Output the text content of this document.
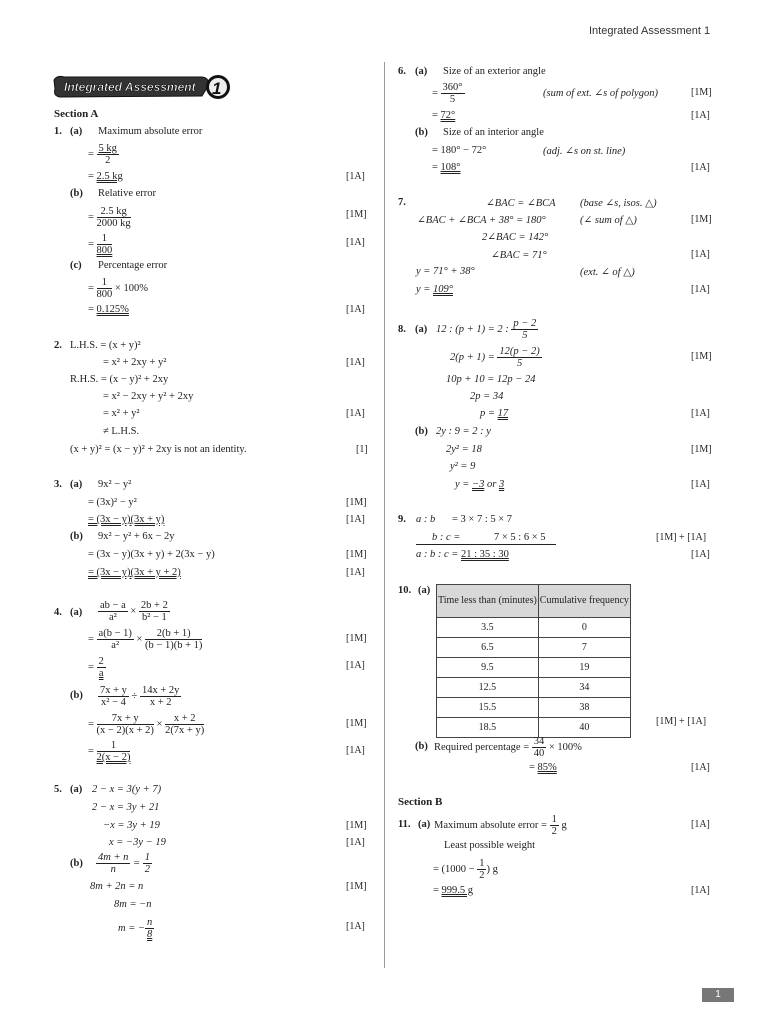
Integrated Assessment 1
1
Integrated Assessment 1
Section A
1. (a) Maximum absolute error
= $\frac{5 kg}{2}$
= 2.5 kg	[1A]
(b) Relative error
= $\frac{2.5 kg}{2000 kg}$	[1M]
= $\frac{1}{800}$	[1A]
(c) Percentage error
= $\frac{1}{800} \times 100\%$
= 0.125%	[1A]
2. L.H.S. = (x + y)²
= x² + 2xy + y²	[1A]
R.H.S. = (x − y)² + 2xy
= x² − 2xy + y² + 2xy
= x² + y²	[1A]
≠ L.H.S.
(x + y)² = (x − y)² + 2xy is not an identity.	[1]
3. (a) 9x² − y²
= (3x)² − y²	[1M]
= (3x − y)(3x + y)	[1A]
(b) 9x² − y² + 6x − 2y
= (3x − y)(3x + y) + 2(3x − y)	[1M]
= (3x − y)(3x + y + 2)	[1A]
4. $(a) \frac{ab - a}{\text{a²}} \times \frac{2b + 2}{\text{b² − 1}}$
= $\frac{a(b - 1)}{\text{a²}} \times \frac{2(b + 1)}{(b - 1)(b + 1)}$	[1M]
= $\frac{2}{a}$	[1A]
$(b) \frac{7x + y}{\text{x² − 4}} \div \frac{14x + 2y}{x + 2}$
= $\frac{7x + y}{(x - 2)(x + 2)} \times \frac{x + 2}{2(7x + y)}$	[1M]
= $\frac{1}{2(x - 2)}$	[1A]
5. (a) 2 − x = 3(y + 7)
2 − x = 3y + 21
−x = 3y + 19	[1M]
x = −3y − 19	[1A]
$(b) \frac{4m + n}{n} = \frac{1}{2}$
8m + 2n = n	[1M]
8m = −n
m = − $\frac{n}{8}$	[1A]
6. (a) Size of an exterior angle
= $\frac{360^\circ}{5}$	(sum of ext. ∠s of polygon)	[1M]
= 72°	[1A]
(b) Size of an interior angle
= 180° − 72°	(adj. ∠s on st. line)
= 108°	[1A]
7.	∠BAC = ∠BCA (base ∠s, isos. △)
∠BAC + ∠BCA + 38° = 180°	(∠ sum of △)	[1M]
2∠BAC = 142°
∠BAC = 71°	[1A]
y = 71° + 38°	(ext. ∠ of △)
y = 109°	[1A]
8. (a) 12 : (p + 1) = 2 : $\frac{p - 2}{5}$
$2(p + 1) = \frac{12(p - 2)}{5}$	[1M]
10p + 10 = 12p − 24
2p = 34
p = 17	[1A]
(b) 2y : 9 = 2 : y
2y² = 18	[1M]
y² = 9
y = −3 or 3	[1A]
9. a : b = 3 × 7 : 5 × 7
b : c =	7 × 5 : 6 × 5	[1M] + [1A]
a : b : c = 21 : 35 : 30	[1A]
10. (a)
Time less than (minutes)	Cumulative frequency
3.5	0
6.5	7
9.5	19
12.5	34
15.5	38
18.5	40
[1M] + [1A]
(b) Required percentage = $\frac{34}{40} \times 100\%$
= 85%	[1A]
Section B
11. (a) Maximum absolute error = $\frac{1}{2}$ g	[1A]
Least possible weight
= ($1000 - \frac{1}{2}$ ) g
= 999.5 g	[1A]
